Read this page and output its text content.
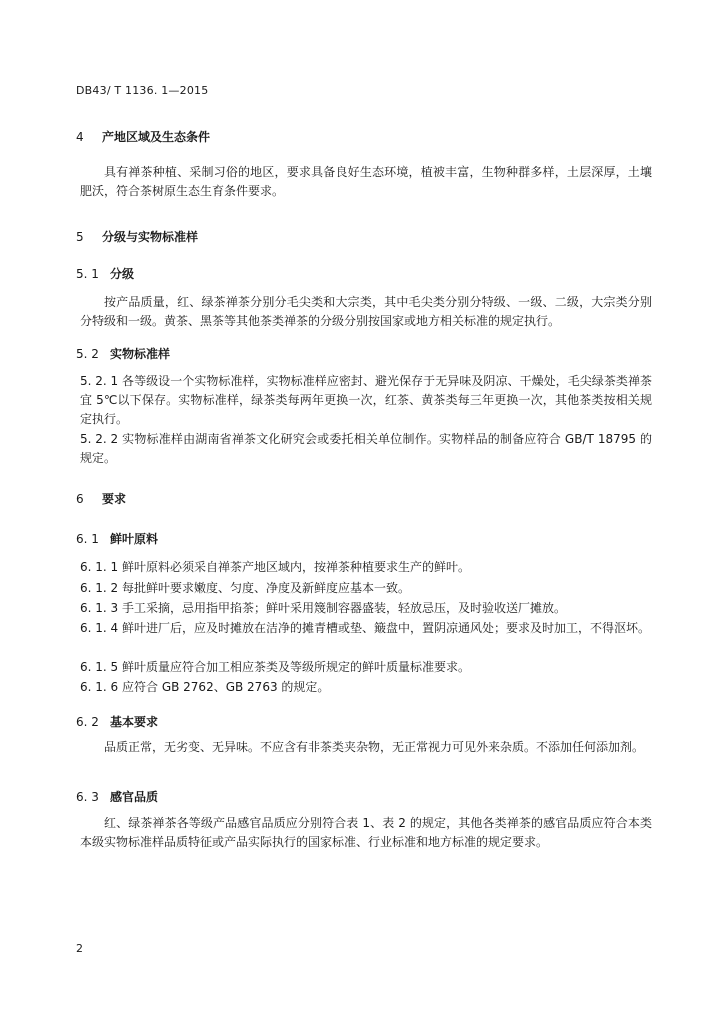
DB43/ T 1136. 1—2015
4 产地区域及生态条件
具有禅茶种植、采制习俗的地区，要求具备良好生态环境，植被丰富，生物种群多样，土层深厚，土壤肥沃，符合茶树原生态生育条件要求。
5 分级与实物标准样
5. 1 分级
按产品质量，红、绿茶禅茶分别分毛尖类和大宗类，其中毛尖类分别分特级、一级、二级，大宗类分别分特级和一级。黄茶、黑茶等其他茶类禅茶的分级分别按国家或地方相关标准的规定执行。
5. 2 实物标准样
5. 2. 1 各等级设一个实物标准样，实物标准样应密封、避光保存于无异味及阴凉、干燥处，毛尖绿茶类禅茶宜 5℃以下保存。实物标准样，绿茶类每两年更换一次，红茶、黄茶类每三年更换一次，其他茶类按相关规定执行。
5. 2. 2 实物标准样由湖南省禅茶文化研究会或委托相关单位制作。实物样品的制备应符合 GB/T 18795 的规定。
6 要求
6. 1 鲜叶原料
6. 1. 1 鲜叶原料必须采自禅茶产地区域内，按禅茶种植要求生产的鲜叶。
6. 1. 2 每批鲜叶要求嫩度、匀度、净度及新鲜度应基本一致。
6. 1. 3 手工采摘，忌用指甲掐茶；鲜叶采用篾制容器盛装，轻放忌压，及时验收送厂摊放。
6. 1. 4 鲜叶进厂后，应及时摊放在洁净的摊青槽或垫、簸盘中，置阴凉通风处；要求及时加工，不得沤坏。
6. 1. 5 鲜叶质量应符合加工相应茶类及等级所规定的鲜叶质量标准要求。
6. 1. 6 应符合 GB 2762、GB 2763 的规定。
6. 2 基本要求
品质正常，无劣变、无异味。不应含有非茶类夹杂物，无正常视力可见外来杂质。不添加任何添加剂。
6. 3 感官品质
红、绿茶禅茶各等级产品感官品质应分别符合表 1、表 2 的规定，其他各类禅茶的感官品质应符合本类本级实物标准样品质特征或产品实际执行的国家标准、行业标准和地方标准的规定要求。
2
